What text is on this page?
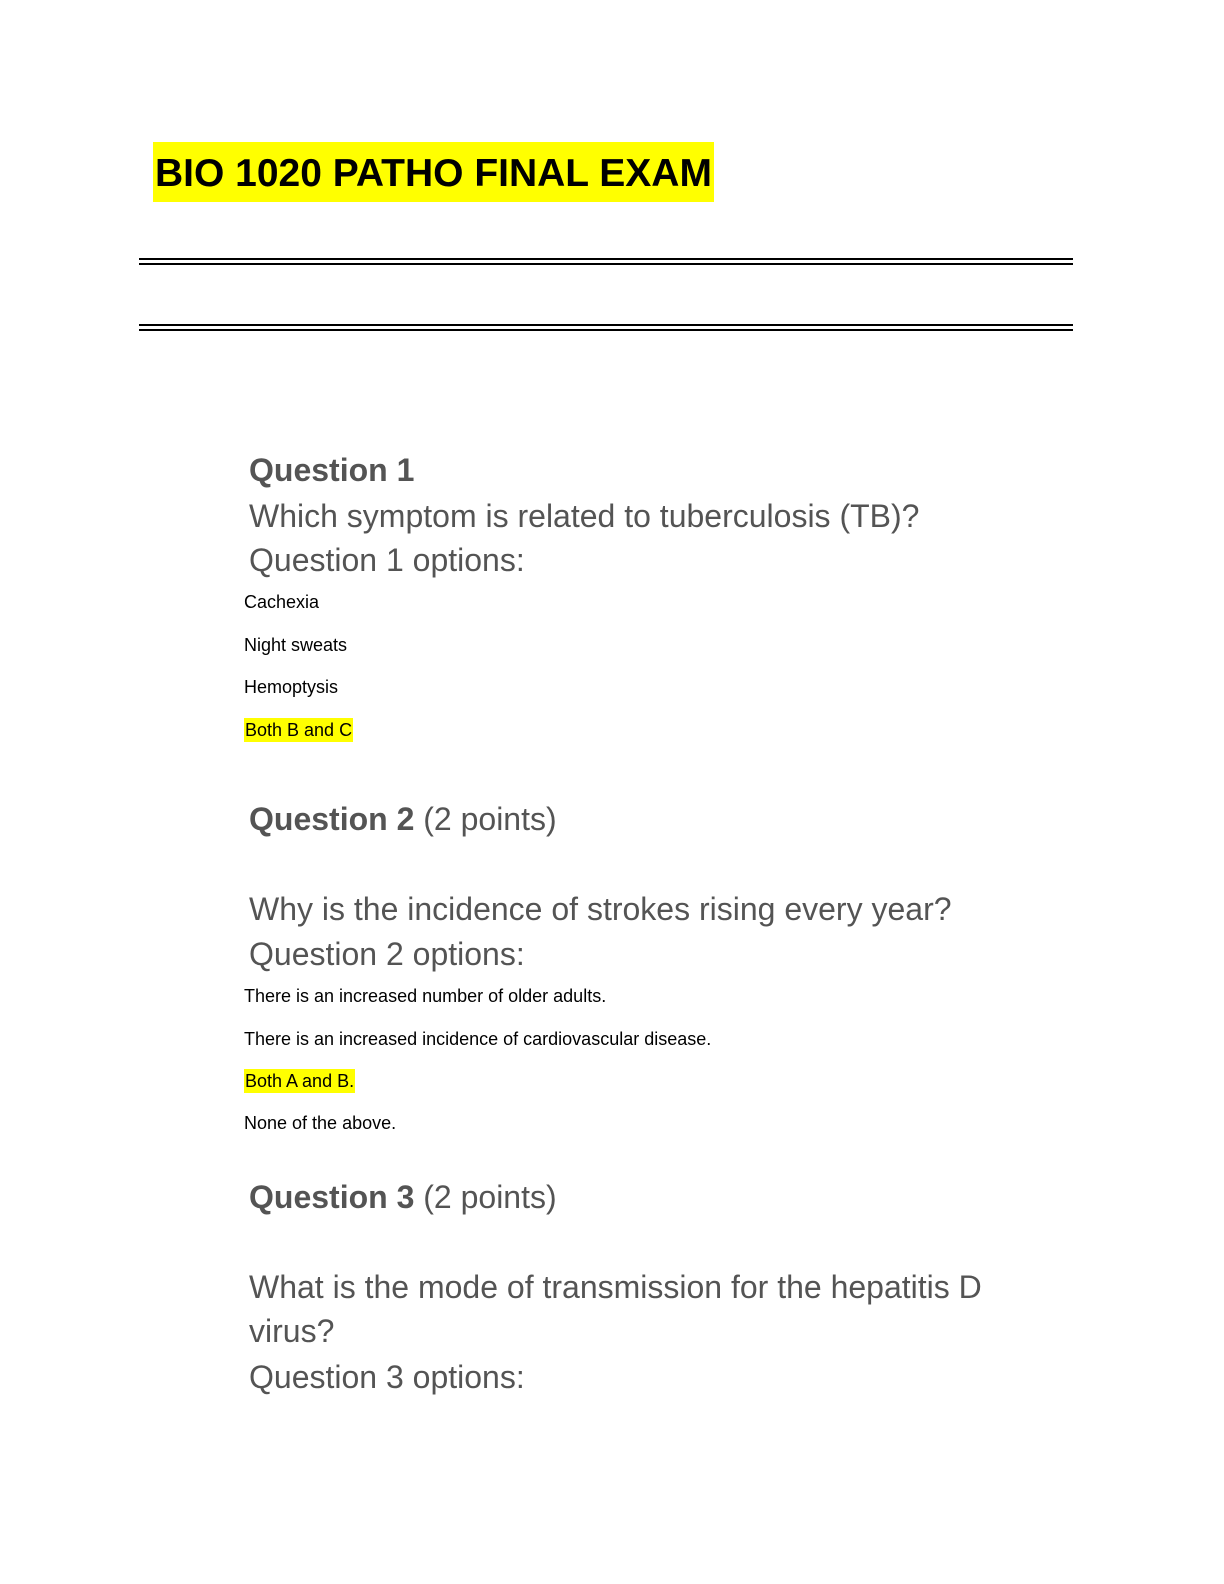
BIO 1020 PATHO FINAL EXAM
Question 1
Which symptom is related to tuberculosis (TB)?
Question 1 options:
Cachexia
Night sweats
Hemoptysis
Both B and C
Question 2 (2 points)
Why is the incidence of strokes rising every year?
Question 2 options:
There is an increased number of older adults.
There is an increased incidence of cardiovascular disease.
Both A and B.
None of the above.
Question 3 (2 points)
What is the mode of transmission for the hepatitis D virus?
Question 3 options:
